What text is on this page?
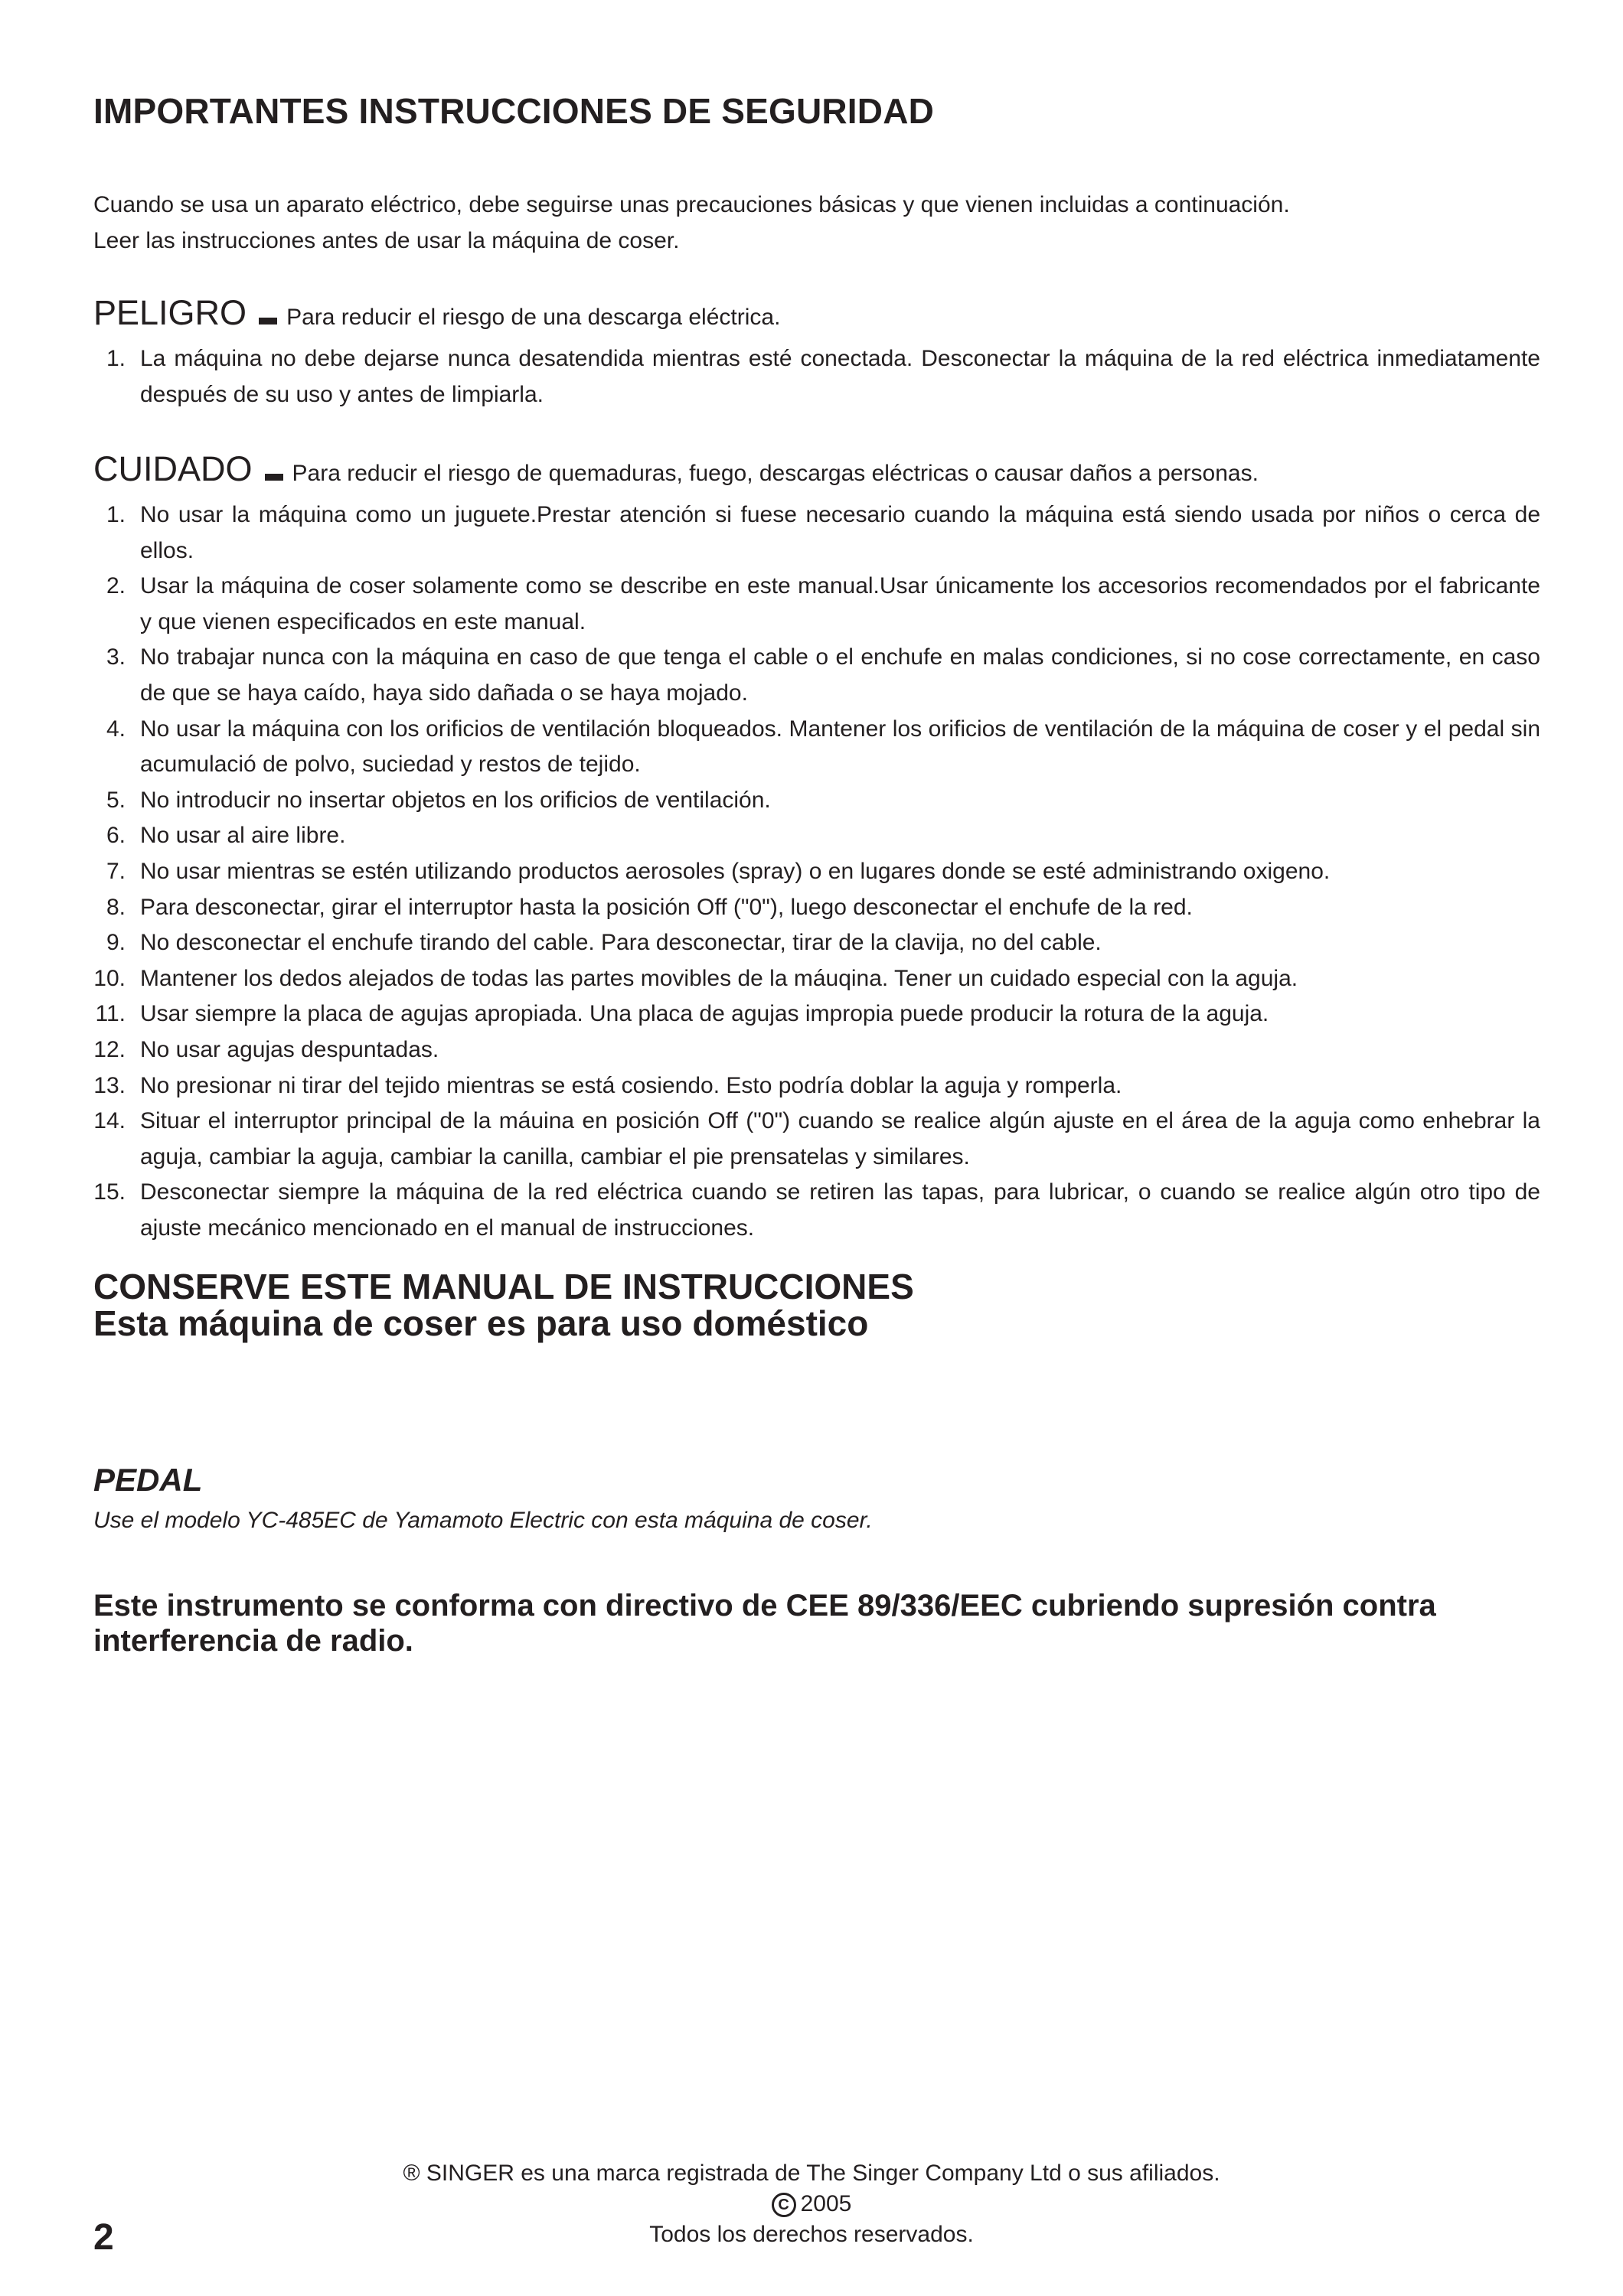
IMPORTANTES INSTRUCCIONES DE SEGURIDAD

Cuando se usa un aparato eléctrico, debe seguirse unas precauciones básicas y que vienen incluidas a continuación.

Leer las instrucciones antes de usar la máquina de coser.

PELIGRO Para reducir el riesgo de una descarga eléctrica.
1. La máquina no debe dejarse nunca desatendida mientras esté conectada. Desconectar la máquina de la red eléctrica inmediatamente después de su uso y antes de limpiarla.
CUIDADO Para reducir el riesgo de quemaduras, fuego, descargas eléctricas o causar daños a personas.
1. No usar la máquina como un juguete.Prestar atención si fuese necesario cuando la máquina está siendo usada por niños o cerca de ellos.
2. Usar la máquina de coser solamente como se describe en este manual.Usar únicamente los accesorios recomendados por el fabricante y que vienen especificados en este manual.
3. No trabajar nunca con la máquina en caso de que tenga el cable o el enchufe en malas condiciones, si no cose correctamente, en caso de que se haya caído, haya sido dañada o se haya mojado.
4. No usar la máquina con los orificios de ventilación bloqueados. Mantener los orificios de ventilación de la máquina de coser y el pedal sin acumulació de polvo, suciedad y restos de tejido.
5. No introducir no insertar objetos en los orificios de ventilación.
6. No usar al aire libre.
7. No usar mientras se estén utilizando productos aerosoles (spray) o en lugares donde se esté administrando oxigeno.
8. Para desconectar, girar el interruptor hasta la posición Off ("0"), luego desconectar el enchufe de la red.
9. No desconectar el enchufe tirando del cable. Para desconectar, tirar de la clavija, no del cable.
10. Mantener los dedos alejados de todas las partes movibles de la máuqina. Tener un cuidado especial con la aguja.
11. Usar siempre la placa de agujas apropiada. Una placa de agujas impropia puede producir la rotura de la aguja.
12. No usar agujas despuntadas.
13. No presionar ni tirar del tejido mientras se está cosiendo. Esto podría doblar la aguja y romperla.
14. Situar el interruptor principal de la máuina en posición Off ("0") cuando se realice algún ajuste en el área de la aguja como enhebrar la aguja, cambiar la aguja, cambiar la canilla, cambiar el pie prensatelas y similares.
15. Desconectar siempre la máquina de la red eléctrica cuando se retiren las tapas, para lubricar, o cuando se realice algún otro tipo de ajuste mecánico mencionado en el manual de instrucciones.
CONSERVE ESTE MANUAL DE INSTRUCCIONES
Esta máquina de coser es para uso doméstico
PEDAL

Use el modelo YC-485EC de Yamamoto Electric con esta máquina de coser.

Este instrumento se conforma con directivo de CEE 89/336/EEC cubriendo supresión contra interferencia de radio.

® SINGER es una marca registrada de The Singer Company Ltd o sus afiliados.

C 2005

Todos los derechos reservados.

2
